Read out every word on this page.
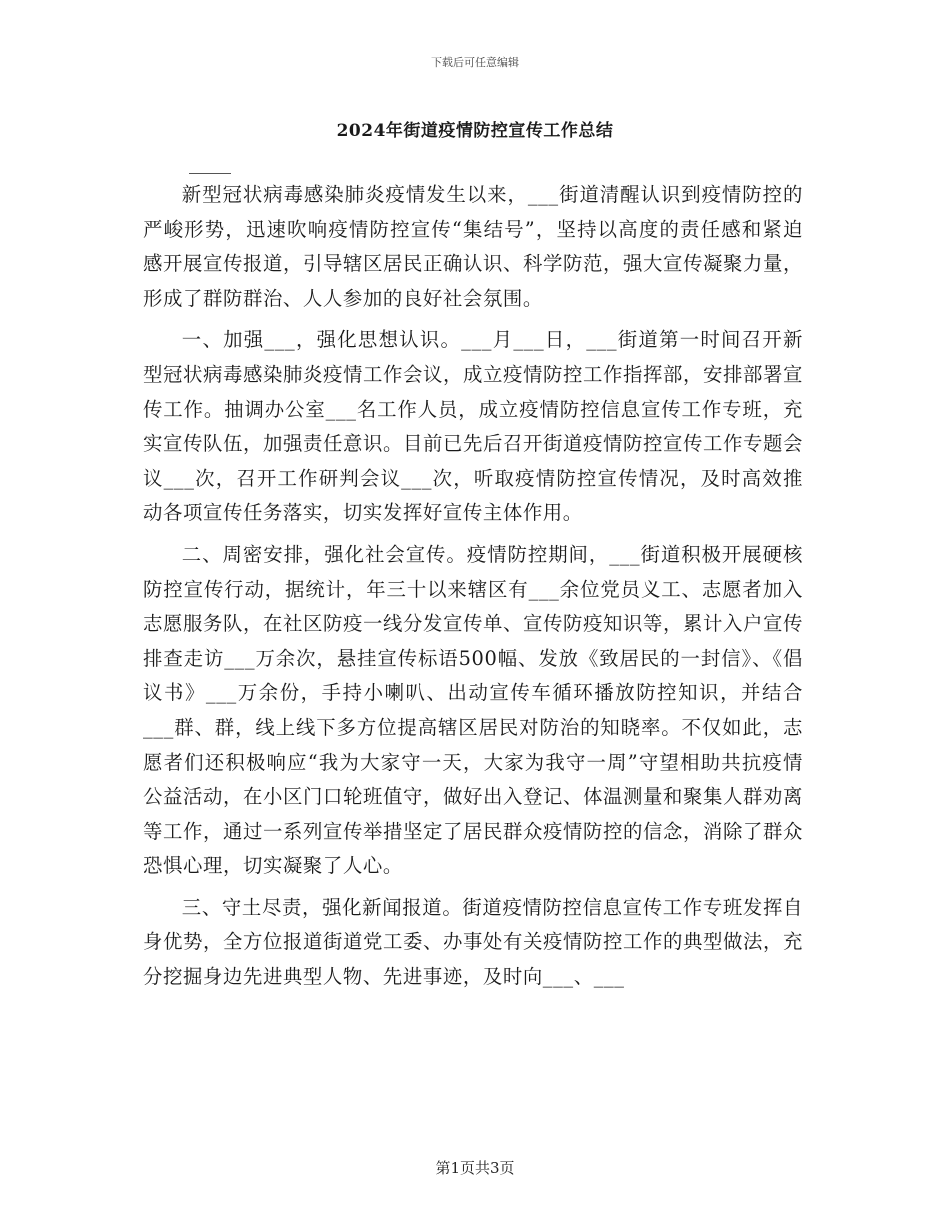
下载后可任意编辑
2024年街道疫情防控宣传工作总结

新型冠状病毒感染肺炎疫情发生以来，___街道清醒认识到疫情防控的严峻形势，迅速吹响疫情防控宣传“集结号”，坚持以高度的责任感和紧迫感开展宣传报道，引导辖区居民正确认识、科学防范，强大宣传凝聚力量，形成了群防群治、人人参加的良好社会氛围。

一、加强___，强化思想认识。___月___日，___街道第一时间召开新型冠状病毒感染肺炎疫情工作会议，成立疫情防控工作指挥部，安排部署宣传工作。抽调办公室___名工作人员，成立疫情防控信息宣传工作专班，充实宣传队伍，加强责任意识。目前已先后召开街道疫情防控宣传工作专题会议___次，召开工作研判会议___次，听取疫情防控宣传情况，及时高效推动各项宣传任务落实，切实发挥好宣传主体作用。

二、周密安排，强化社会宣传。疫情防控期间，___街道积极开展硬核防控宣传行动，据统计，年三十以来辖区有___余位党员义工、志愿者加入志愿服务队，在社区防疫一线分发宣传单、宣传防疫知识等，累计入户宣传排查走访___万余次，悬挂宣传标语500幅、发放《致居民的一封信》、《倡议书》___万余份，手持小喇叭、出动宣传车循环播放防控知识，并结合___群、群，线上线下多方位提高辖区居民对防治的知晓率。不仅如此，志愿者们还积极响应“我为大家守一天，大家为我守一周”守望相助共抗疫情公益活动，在小区门口轮班值守，做好出入登记、体温测量和聚集人群劝离等工作，通过一系列宣传举措坚定了居民群众疫情防控的信念，消除了群众恐惧心理，切实凝聚了人心。

三、守土尽责，强化新闻报道。街道疫情防控信息宣传工作专班发挥自身优势，全方位报道街道党工委、办事处有关疫情防控工作的典型做法，充分挖掘身边先进典型人物、先进事迹，及时向___、___

第1页共3页
